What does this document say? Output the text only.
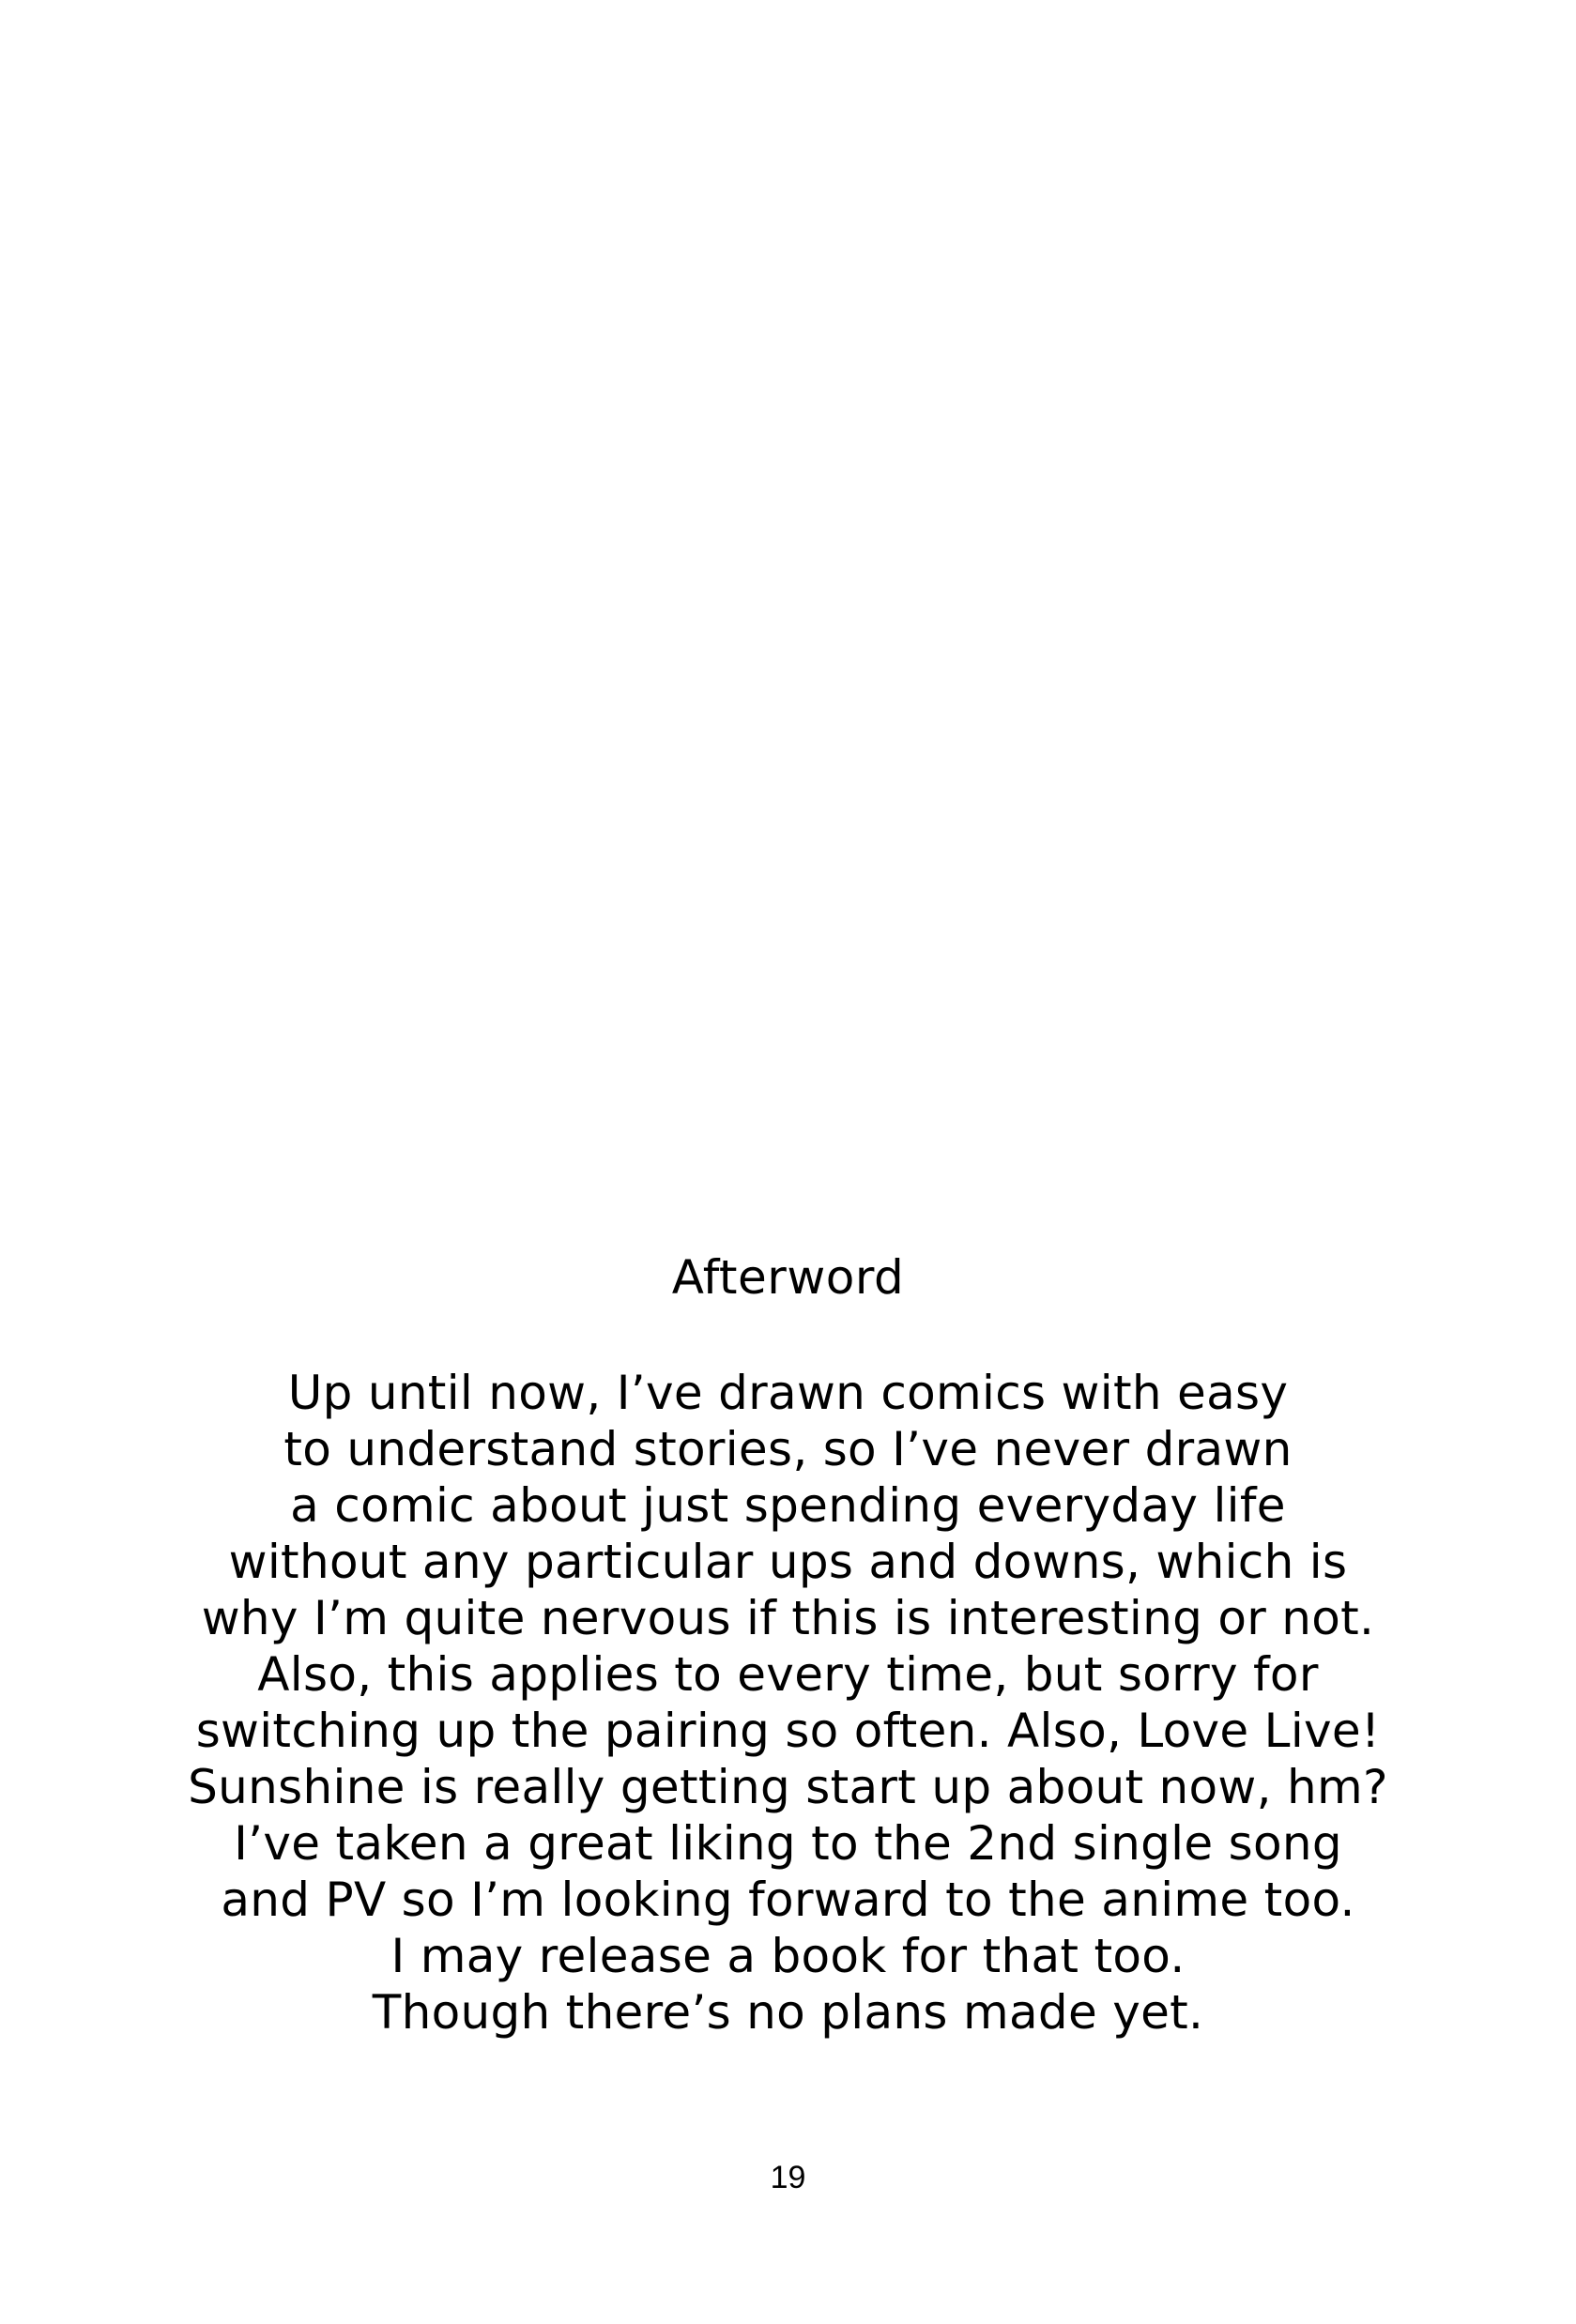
Afterword
Up until now, I’ve drawn comics with easy
to understand stories, so I’ve never drawn
a comic about just spending everyday life
without any particular ups and downs, which is
why I’m quite nervous if this is interesting or not.
Also, this applies to every time, but sorry for
switching up the pairing so often. Also, Love Live!
Sunshine is really getting start up about now, hm?
I’ve taken a great liking to the 2nd single song
and PV so I’m looking forward to the anime too.
I may release a book for that too.
Though there’s no plans made yet.
19
